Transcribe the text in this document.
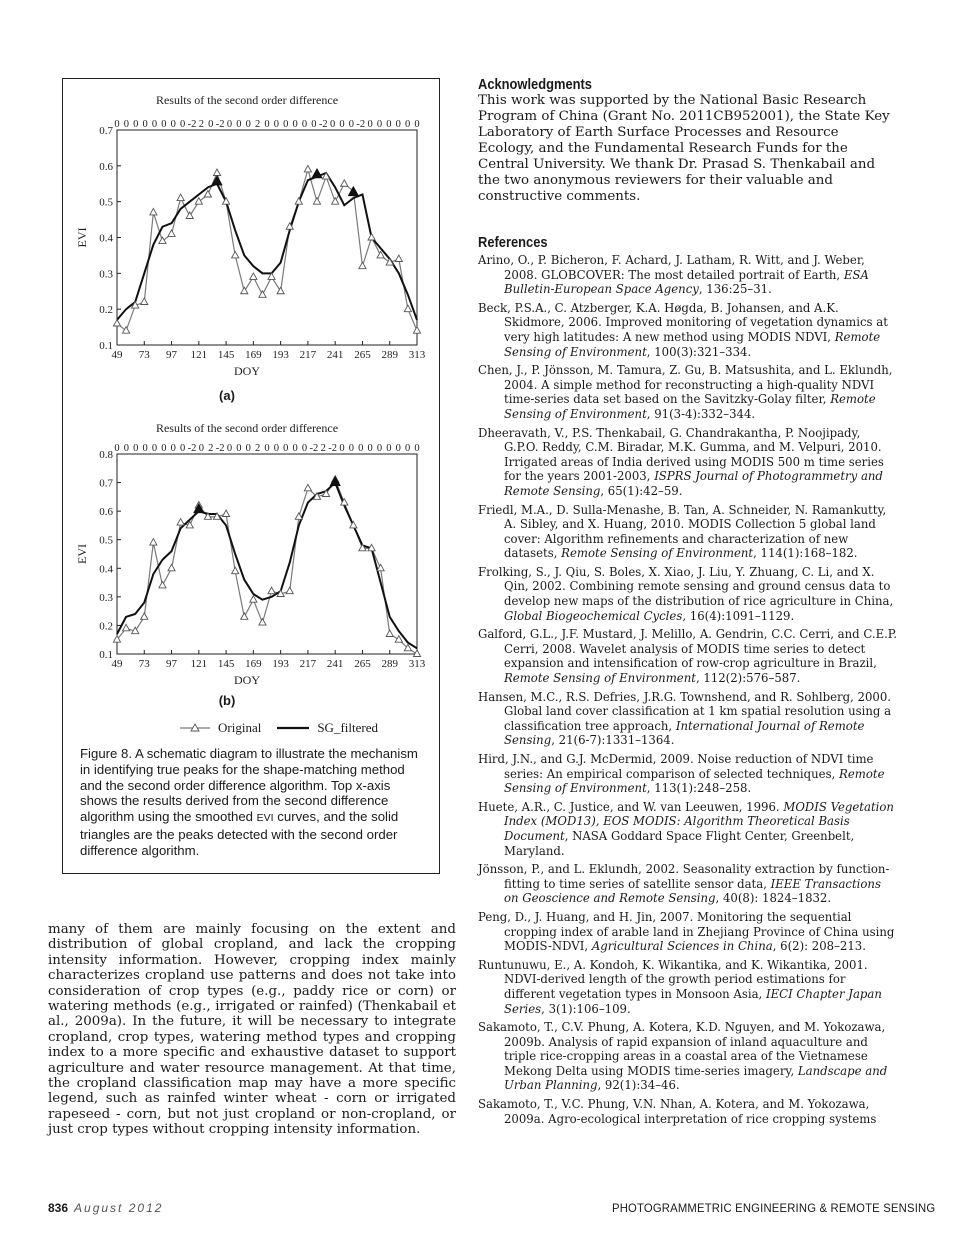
Results of the second order difference
0 0 0 0 0 0 0 0 -2 2 0 -2 0 0 0 2 0 0 0 0 0 0 -2 0 0 0 -2 0 0 0 0 0 0
0.1
0.2
0.3
0.4
0.5
0.6
0.7
49 73 97 121 145 169 193 217 241 265 289 313
DOY
EVI
(a)
Results of the second order difference
0 0 0 0 0 0 0 0 -2 0 2 -2 0 0 0 2 0 0 0 0 0 -2 2 -2 0 0 0 0 0 0 0 0 0
0.1
0.2
0.3
0.4
0.5
0.6
0.7
0.8
49 73 97 121 145 169 193 217 241 265 289 313
DOY
EVI
(b)
Original	SG_filtered
Figure 8. A schematic diagram to illustrate the mechanism in identifying true peaks for the shape-matching method and the second order difference algorithm. Top x-axis shows the results derived from the second difference algorithm using the smoothed EVI curves, and the solid triangles are the peaks detected with the second order difference algorithm.
many of them are mainly focusing on the extent and distribution of global cropland, and lack the cropping intensity information. However, cropping index mainly characterizes cropland use patterns and does not take into consideration of crop types (e.g., paddy rice or corn) or watering methods (e.g., irrigated or rainfed) (Thenkabail et al., 2009a). In the future, it will be necessary to integrate cropland, crop types, watering method types and cropping index to a more specific and exhaustive dataset to support agriculture and water resource management. At that time, the cropland classification map may have a more specific legend, such as rainfed winter wheat - corn or irrigated rapeseed - corn, but not just cropland or non-cropland, or just crop types without cropping intensity information.
Acknowledgments
This work was supported by the National Basic Research Program of China (Grant No. 2011CB952001), the State Key Laboratory of Earth Surface Processes and Resource Ecology, and the Fundamental Research Funds for the Central University. We thank Dr. Prasad S. Thenkabail and the two anonymous reviewers for their valuable and constructive comments.
References
Arino, O., P. Bicheron, F. Achard, J. Latham, R. Witt, and J. Weber, 2008. GLOBCOVER: The most detailed portrait of Earth, ESA Bulletin-European Space Agency, 136:25–31.
Beck, P.S.A., C. Atzberger, K.A. Høgda, B. Johansen, and A.K. Skidmore, 2006. Improved monitoring of vegetation dynamics at very high latitudes: A new method using MODIS NDVI, Remote Sensing of Environment, 100(3):321–334.
Chen, J., P. Jönsson, M. Tamura, Z. Gu, B. Matsushita, and L. Eklundh, 2004. A simple method for reconstructing a high-quality NDVI time-series data set based on the Savitzky-Golay filter, Remote Sensing of Environment, 91(3-4):332–344.
Dheeravath, V., P.S. Thenkabail, G. Chandrakantha, P. Noojipady, G.P.O. Reddy, C.M. Biradar, M.K. Gumma, and M. Velpuri, 2010. Irrigated areas of India derived using MODIS 500 m time series for the years 2001-2003, ISPRS Journal of Photogrammetry and Remote Sensing, 65(1):42–59.
Friedl, M.A., D. Sulla-Menashe, B. Tan, A. Schneider, N. Ramankutty, A. Sibley, and X. Huang, 2010. MODIS Collection 5 global land cover: Algorithm refinements and characterization of new datasets, Remote Sensing of Environment, 114(1):168–182.
Frolking, S., J. Qiu, S. Boles, X. Xiao, J. Liu, Y. Zhuang, C. Li, and X. Qin, 2002. Combining remote sensing and ground census data to develop new maps of the distribution of rice agriculture in China, Global Biogeochemical Cycles, 16(4):1091–1129.
Galford, G.L., J.F. Mustard, J. Melillo, A. Gendrin, C.C. Cerri, and C.E.P. Cerri, 2008. Wavelet analysis of MODIS time series to detect expansion and intensification of row-crop agriculture in Brazil, Remote Sensing of Environment, 112(2):576–587.
Hansen, M.C., R.S. Defries, J.R.G. Townshend, and R. Sohlberg, 2000. Global land cover classification at 1 km spatial resolution using a classification tree approach, International Journal of Remote Sensing, 21(6-7):1331–1364.
Hird, J.N., and G.J. McDermid, 2009. Noise reduction of NDVI time series: An empirical comparison of selected techniques, Remote Sensing of Environment, 113(1):248–258.
Huete, A.R., C. Justice, and W. van Leeuwen, 1996. MODIS Vegetation Index (MOD13), EOS MODIS: Algorithm Theoretical Basis Document, NASA Goddard Space Flight Center, Greenbelt, Maryland.
Jönsson, P., and L. Eklundh, 2002. Seasonality extraction by function-fitting to time series of satellite sensor data, IEEE Transactions on Geoscience and Remote Sensing, 40(8): 1824–1832.
Peng, D., J. Huang, and H. Jin, 2007. Monitoring the sequential cropping index of arable land in Zhejiang Province of China using MODIS-NDVI, Agricultural Sciences in China, 6(2): 208–213.
Runtunuwu, E., A. Kondoh, K. Wikantika, and K. Wikantika, 2001. NDVI-derived length of the growth period estimations for different vegetation types in Monsoon Asia, IECI Chapter Japan Series, 3(1):106–109.
Sakamoto, T., C.V. Phung, A. Kotera, K.D. Nguyen, and M. Yokozawa, 2009b. Analysis of rapid expansion of inland aquaculture and triple rice-cropping areas in a coastal area of the Vietnamese Mekong Delta using MODIS time-series imagery, Landscape and Urban Planning, 92(1):34–46.
Sakamoto, T., V.C. Phung, V.N. Nhan, A. Kotera, and M. Yokozawa, 2009a. Agro-ecological interpretation of rice cropping systems
836 August 2012	PHOTOGRAMMETRIC ENGINEERING & REMOTE SENSING
